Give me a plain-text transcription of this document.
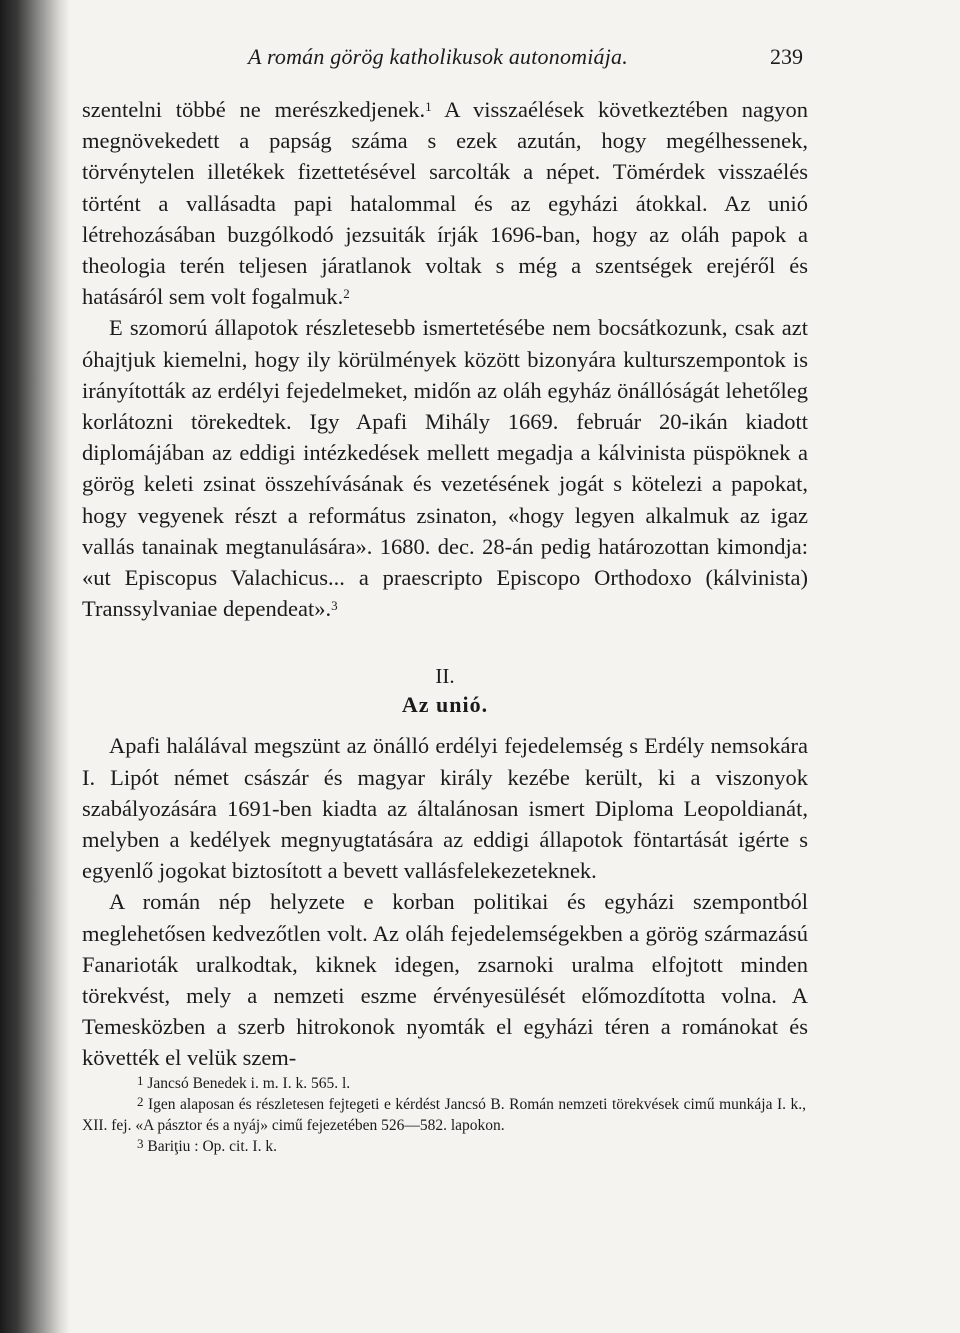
A román görög katholikusok autonomiája.	239

szentelni többé ne merészkedjenek.$^1$ A visszaélések következtében nagyon megnövekedett a papság száma s ezek azután, hogy megélhessenek, törvénytelen illetékek fizettetésével sarcolták a népet. Tömérdek visszaélés történt a vallásadta papi hatalommal és az egyházi átokkal. Az unió létrehozásában buzgólkodó jezsuiták írják 1696-ban, hogy az oláh papok a theologia terén teljesen járatlanok voltak s még a szentségek erejéről és hatásáról sem volt fogalmuk.$^2$

E szomorú állapotok részletesebb ismertetésébe nem bocsátkozunk, csak azt óhajtjuk kiemelni, hogy ily körülmények között bizonyára kulturszempontok is irányították az erdélyi fejedelmeket, midőn az oláh egyház önállóságát lehetőleg korlátozni törekedtek. Igy Apafi Mihály 1669. február 20-ikán kiadott diplomájában az eddigi intézkedések mellett megadja a kálvinista püspöknek a görög keleti zsinat összehívásának és vezetésének jogát s kötelezi a papokat, hogy vegyenek részt a református zsinaton, «hogy legyen alkalmuk az igaz vallás tanainak megtanulására». 1680. dec. 28-án pedig határozottan kimondja: «ut Episcopus Valachicus... a praescripto Episcopo Orthodoxo (kálvinista) Transsylvaniae dependeat».$^3$

II.
Az unió.

Apafi halálával megszünt az önálló erdélyi fejedelemség s Erdély nemsokára I. Lipót német császár és magyar király kezébe került, ki a viszonyok szabályozására 1691-ben kiadta az általánosan ismert Diploma Leopoldianát, melyben a kedélyek megnyugtatására az eddigi állapotok föntartását igérte s egyenlő jogokat biztosított a bevett vallásfelekezeteknek.

A román nép helyzete e korban politikai és egyházi szempontból meglehetősen kedvezőtlen volt. Az oláh fejedelemségekben a görög származású Fanarioták uralkodtak, kiknek idegen, zsarnoki uralma elfojtott minden törekvést, mely a nemzeti eszme érvényesülését előmozdította volna. A Temesközben a szerb hitrokonok nyomták el egyházi téren a románokat és követték el velük szem-

$^1$ Jancsó Benedek i. m. I. k. 565. l.

$^2$ Igen alaposan és részletesen fejtegeti e kérdést Jancsó B. Román nemzeti törekvések cimű munkája I. k., XII. fej. «A pásztor és a nyáj» cimű fejezetében 526—582. lapokon.

$^3$ Bariţiu : Op. cit. I. k.
